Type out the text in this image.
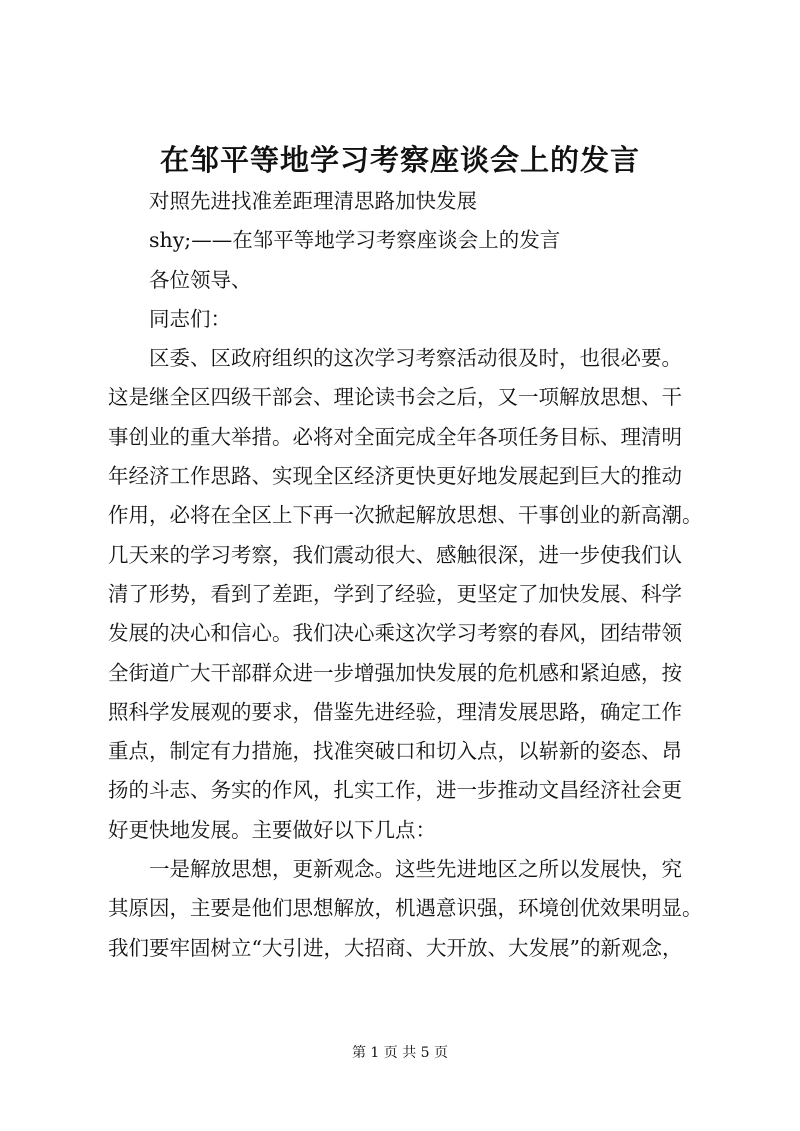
在邹平等地学习考察座谈会上的发言
对照先进找准差距理清思路加快发展
shy;——在邹平等地学习考察座谈会上的发言
各位领导、
同志们：
区委、区政府组织的这次学习考察活动很及时，也很必要。
这是继全区四级干部会、理论读书会之后，又一项解放思想、干
事创业的重大举措。必将对全面完成全年各项任务目标、理清明
年经济工作思路、实现全区经济更快更好地发展起到巨大的推动
作用，必将在全区上下再一次掀起解放思想、干事创业的新高潮。
几天来的学习考察，我们震动很大、感触很深，进一步使我们认
清了形势，看到了差距，学到了经验，更坚定了加快发展、科学
发展的决心和信心。我们决心乘这次学习考察的春风，团结带领
全街道广大干部群众进一步增强加快发展的危机感和紧迫感，按
照科学发展观的要求，借鉴先进经验，理清发展思路，确定工作
重点，制定有力措施，找准突破口和切入点，以崭新的姿态、昂
扬的斗志、务实的作风，扎实工作，进一步推动文昌经济社会更
好更快地发展。主要做好以下几点：
一是解放思想，更新观念。这些先进地区之所以发展快，究
其原因，主要是他们思想解放，机遇意识强，环境创优效果明显。
我们要牢固树立“大引进，大招商、大开放、大发展”的新观念，
第 1 页 共 5 页
